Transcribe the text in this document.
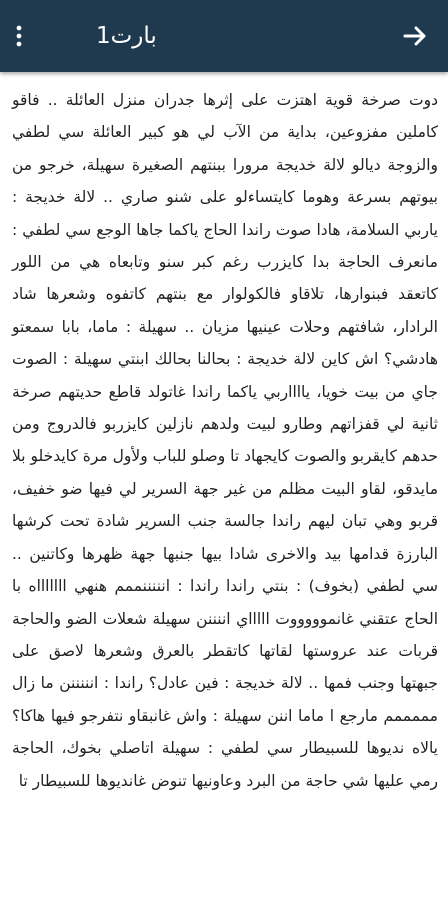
بارت1

دوت صرخة قوية اهتزت على إثرها جدران منزل العائلة .. فاقو كاملين مفزوعين، بداية من الآب لي هو كبير العائلة سي لطفي والزوجة ديالو لالة خديجة مرورا ببنتهم الصغيرة سهيلة، خرجو من بيوتهم بسرعة وهوما كايتساءلو على شنو صاري .. لالة خديجة : ياربي السلامة، هادا صوت راندا الحاج ياكما جاها الوجع سي لطفي : مانعرف الحاجة بدا كايزرب رغم كبر سنو وتابعاه هي من اللور كاتعقد فبنوارها، تلاقاو فالكولوار مع بنتهم كاتفوه وشعرها شاد الرادار، شافتهم وحلات عينيها مزيان .. سهيلة : ماما، بابا سمعتو هادشي؟ اش كاين لالة خديجة : بحالنا بحالك ابنتي سهيلة : الصوت جاي من بيت خويا، يااااربي ياكما راندا غاتولد قاطع حديتهم صرخة ثانية لي قفزاتهم وطارو لبيت ولدهم نازلين كايزربو فالدروج ومن حدهم كايقربو والصوت كايجهاد تا وصلو للباب ولأول مرة كايدخلو بلا مايدقو، لقاو البيت مظلم من غير جهة السرير لي فيها ضو خفيف، قربو وهي تبان ليهم راندا جالسة جنب السرير شادة تحت كرشها البارزة قدامها بيد والاخرى شادا بيها جنبها جهة ظهرها وكاتنين .. سي لطفي (بخوف) : بنتي راندا راندا : انننننممم هنهي اااااااه با الحاج عتقني غانموووووت اااااي اننننن سهيلة شعلات الضو والحاجة قربات عند عروستها لقاتها كاتقطر بالعرق وشعرها لاصق على جبهتها وجنب فمها .. لالة خديجة : فين عادل؟ راندا : انننننن ما زال مممممم مارجع ا ماما اننن سهيلة : واش غانبقاو نتفرجو فيها هاكا؟ يالاه نديوها للسبيطار سي لطفي : سهيلة اتاصلي بخوك، الحاجة رمي عليها شي حاجة من البرد وعاونيها تنوض غانديوها للسبيطار تا
